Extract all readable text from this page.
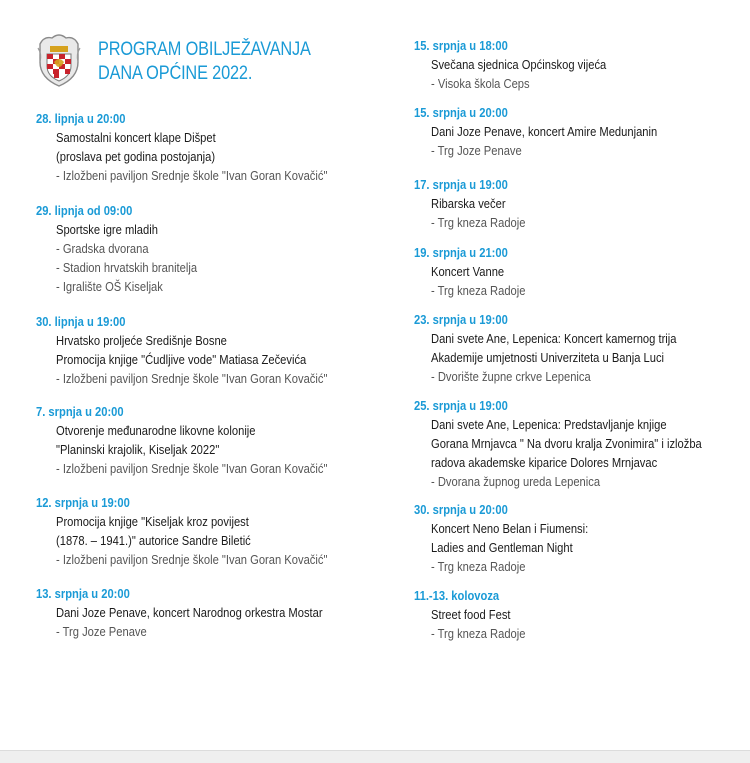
PROGRAM OBILJEŽAVANJA
DANA OPĆINE 2022.
28. lipnja u 20:00
Samostalni koncert klape Dišpet
(proslava pet godina postojanja)
- Izložbeni paviljon Srednje škole "Ivan Goran Kovačić"
29. lipnja od 09:00
Sportske igre mladih
- Gradska dvorana
- Stadion hrvatskih branitelja
- Igralište OŠ Kiseljak
30. lipnja u 19:00
Hrvatsko proljeće Središnje Bosne
Promocija knjige "Ćudljive vode" Matiasa Zečevića
- Izložbeni paviljon Srednje škole "Ivan Goran Kovačić"
7. srpnja u 20:00
Otvorenje međunarodne likovne kolonije
"Planinski krajolik, Kiseljak 2022"
- Izložbeni paviljon Srednje škole "Ivan Goran Kovačić"
12. srpnja u 19:00
Promocija knjige "Kiseljak kroz povijest
(1878. – 1941.)" autorice Sandre Biletić
- Izložbeni paviljon Srednje škole "Ivan Goran Kovačić"
13. srpnja u 20:00
Dani Joze Penave, koncert Narodnog orkestra Mostar
- Trg Joze Penave
15. srpnja u 18:00
Svečana sjednica Općinskog vijeća
- Visoka škola Ceps
15. srpnja u 20:00
Dani Joze Penave, koncert Amire Medunjanin
- Trg Joze Penave
17. srpnja u 19:00
Ribarska večer
- Trg kneza Radoje
19. srpnja u 21:00
Koncert Vanne
- Trg kneza Radoje
23. srpnja u 19:00
Dani svete Ane, Lepenica: Koncert kamernog trija
Akademije umjetnosti Univerziteta u Banja Luci
- Dvorište župne crkve Lepenica
25. srpnja u 19:00
Dani svete Ane, Lepenica: Predstavljanje knjige
Gorana Mrnjavca " Na dvoru kralja Zvonimira" i izložba
radova akademske kiparice Dolores Mrnjavac
- Dvorana župnog ureda Lepenica
30. srpnja u 20:00
Koncert Neno Belan i Fiumensi:
Ladies and Gentleman Night
- Trg kneza Radoje
11.-13. kolovoza
Street food Fest
- Trg kneza Radoje
